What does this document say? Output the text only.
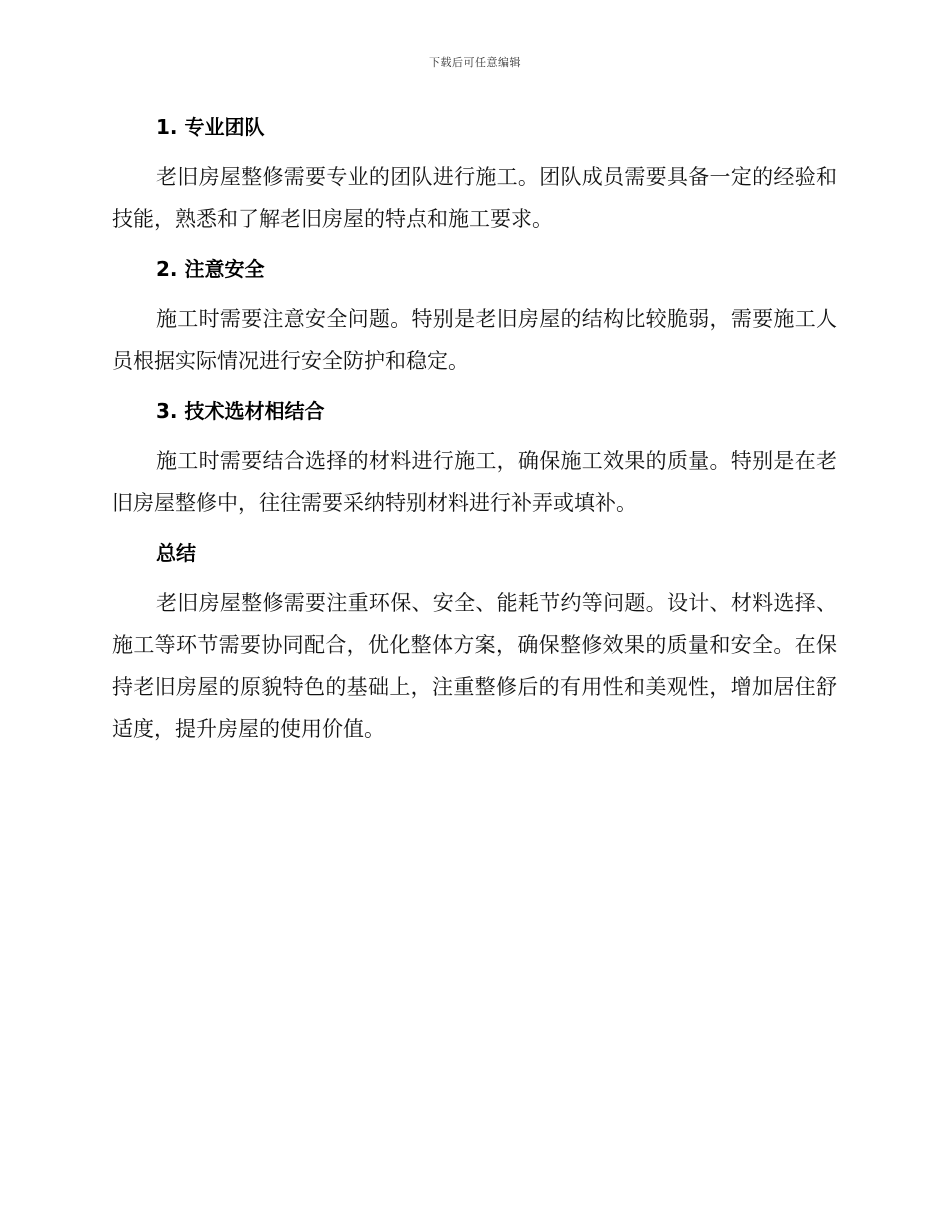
下载后可任意编辑
1. 专业团队

老旧房屋整修需要专业的团队进行施工。团队成员需要具备一定的经验和技能，熟悉和了解老旧房屋的特点和施工要求。

2. 注意安全

施工时需要注意安全问题。特别是老旧房屋的结构比较脆弱，需要施工人员根据实际情况进行安全防护和稳定。

3. 技术选材相结合

施工时需要结合选择的材料进行施工，确保施工效果的质量。特别是在老旧房屋整修中，往往需要采纳特别材料进行补弄或填补。

总结

老旧房屋整修需要注重环保、安全、能耗节约等问题。设计、材料选择、施工等环节需要协同配合，优化整体方案，确保整修效果的质量和安全。在保持老旧房屋的原貌特色的基础上，注重整修后的有用性和美观性，增加居住舒适度，提升房屋的使用价值。
